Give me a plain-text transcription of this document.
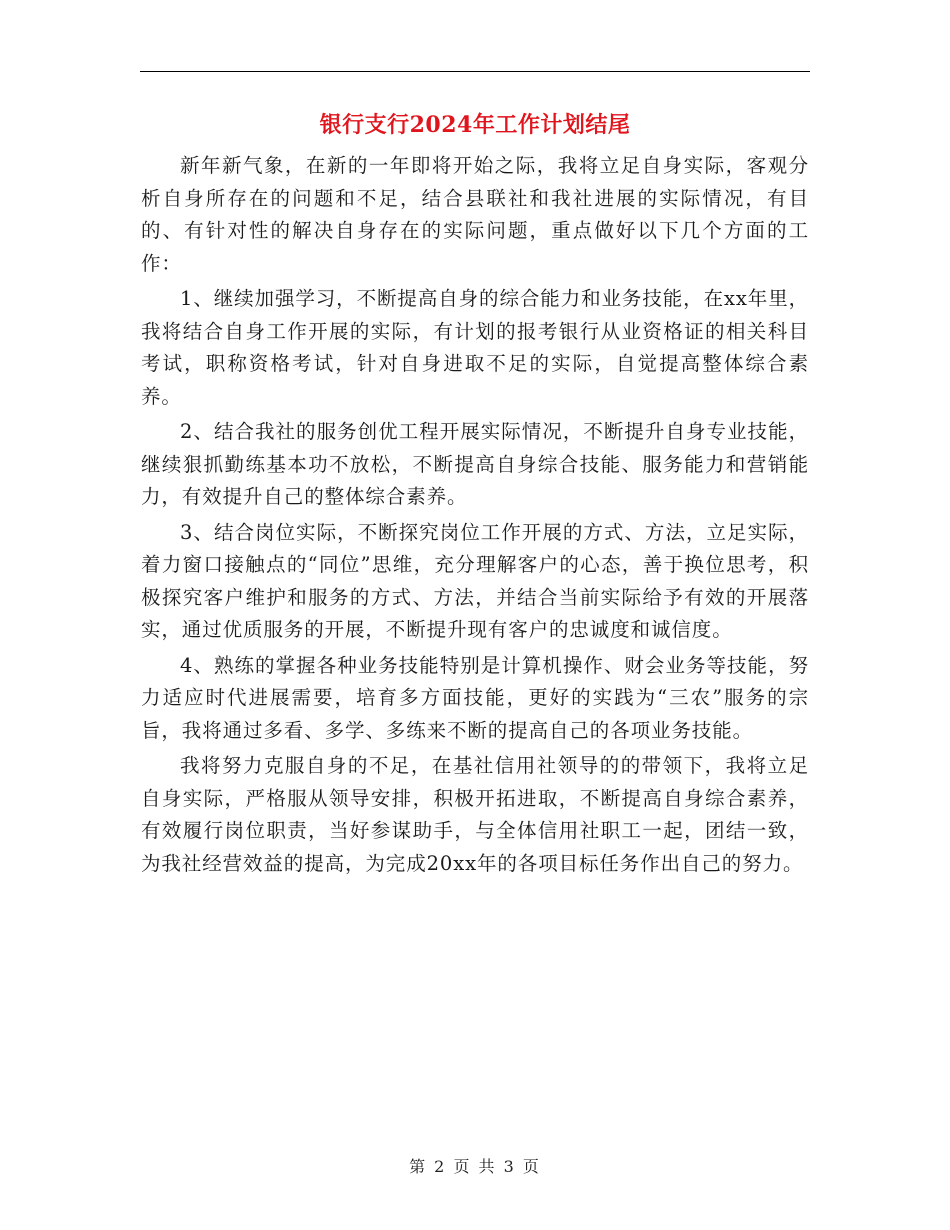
银行支行2024年工作计划结尾

新年新气象，在新的一年即将开始之际，我将立足自身实际，客观分析自身所存在的问题和不足，结合县联社和我社进展的实际情况，有目的、有针对性的解决自身存在的实际问题，重点做好以下几个方面的工作：

1、继续加强学习，不断提高自身的综合能力和业务技能，在xx年里，我将结合自身工作开展的实际，有计划的报考银行从业资格证的相关科目考试，职称资格考试，针对自身进取不足的实际，自觉提高整体综合素养。

2、结合我社的服务创优工程开展实际情况，不断提升自身专业技能，继续狠抓勤练基本功不放松，不断提高自身综合技能、服务能力和营销能力，有效提升自己的整体综合素养。

3、结合岗位实际，不断探究岗位工作开展的方式、方法，立足实际，着力窗口接触点的“同位”思维，充分理解客户的心态，善于换位思考，积极探究客户维护和服务的方式、方法，并结合当前实际给予有效的开展落实，通过优质服务的开展，不断提升现有客户的忠诚度和诚信度。

4、熟练的掌握各种业务技能特别是计算机操作、财会业务等技能，努力适应时代进展需要，培育多方面技能，更好的实践为“三农”服务的宗旨，我将通过多看、多学、多练来不断的提高自己的各项业务技能。

我将努力克服自身的不足，在基社信用社领导的的带领下，我将立足自身实际，严格服从领导安排，积极开拓进取，不断提高自身综合素养，有效履行岗位职责，当好参谋助手，与全体信用社职工一起，团结一致，为我社经营效益的提高，为完成20xx年的各项目标任务作出自己的努力。

第 2 页 共 3 页
